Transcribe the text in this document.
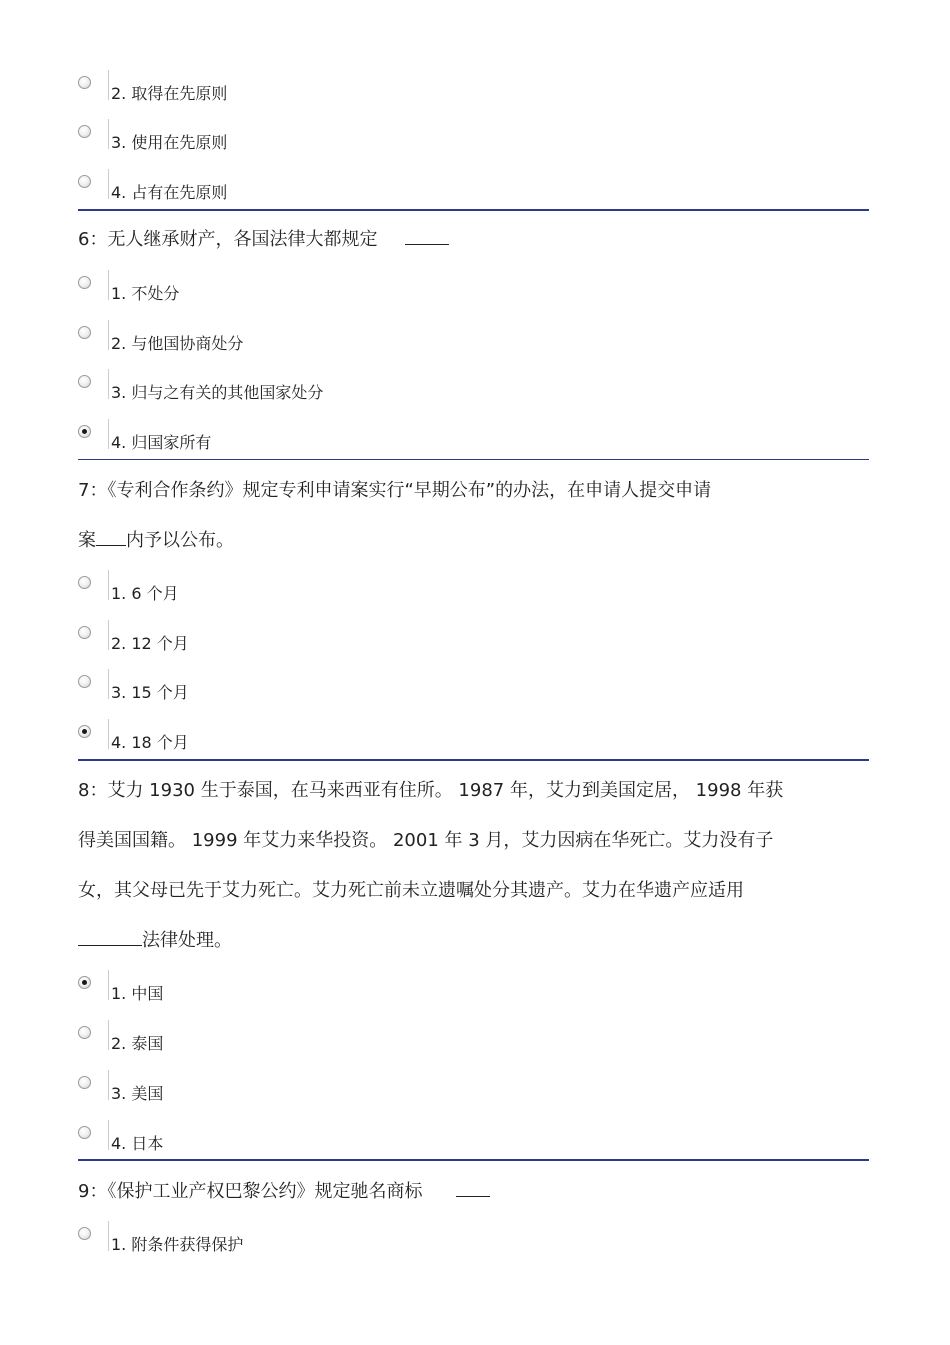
2. 取得在先原则
3. 使用在先原则
4. 占有在先原则
6：无人继承财产，各国法律大都规定
1. 不处分
2. 与他国协商处分
3. 归与之有关的其他国家处分
4. 归国家所有
7：《专利合作条约》规定专利申请案实行“早期公布”的办法，在申请人提交申请
案 内予以公布。
1. 6 个月
2. 12 个月
3. 15 个月
4. 18 个月
8：艾力 1930 生于泰国，在马来西亚有住所。 1987 年，艾力到美国定居， 1998 年获
得美国国籍。 1999 年艾力来华投资。 2001 年 3 月，艾力因病在华死亡。艾力没有子
女，其父母已先于艾力死亡。艾力死亡前未立遗嘱处分其遗产。艾力在华遗产应适用
法律处理。
1. 中国
2. 泰国
3. 美国
4. 日本
9：《保护工业产权巴黎公约》规定驰名商标
1. 附条件获得保护
